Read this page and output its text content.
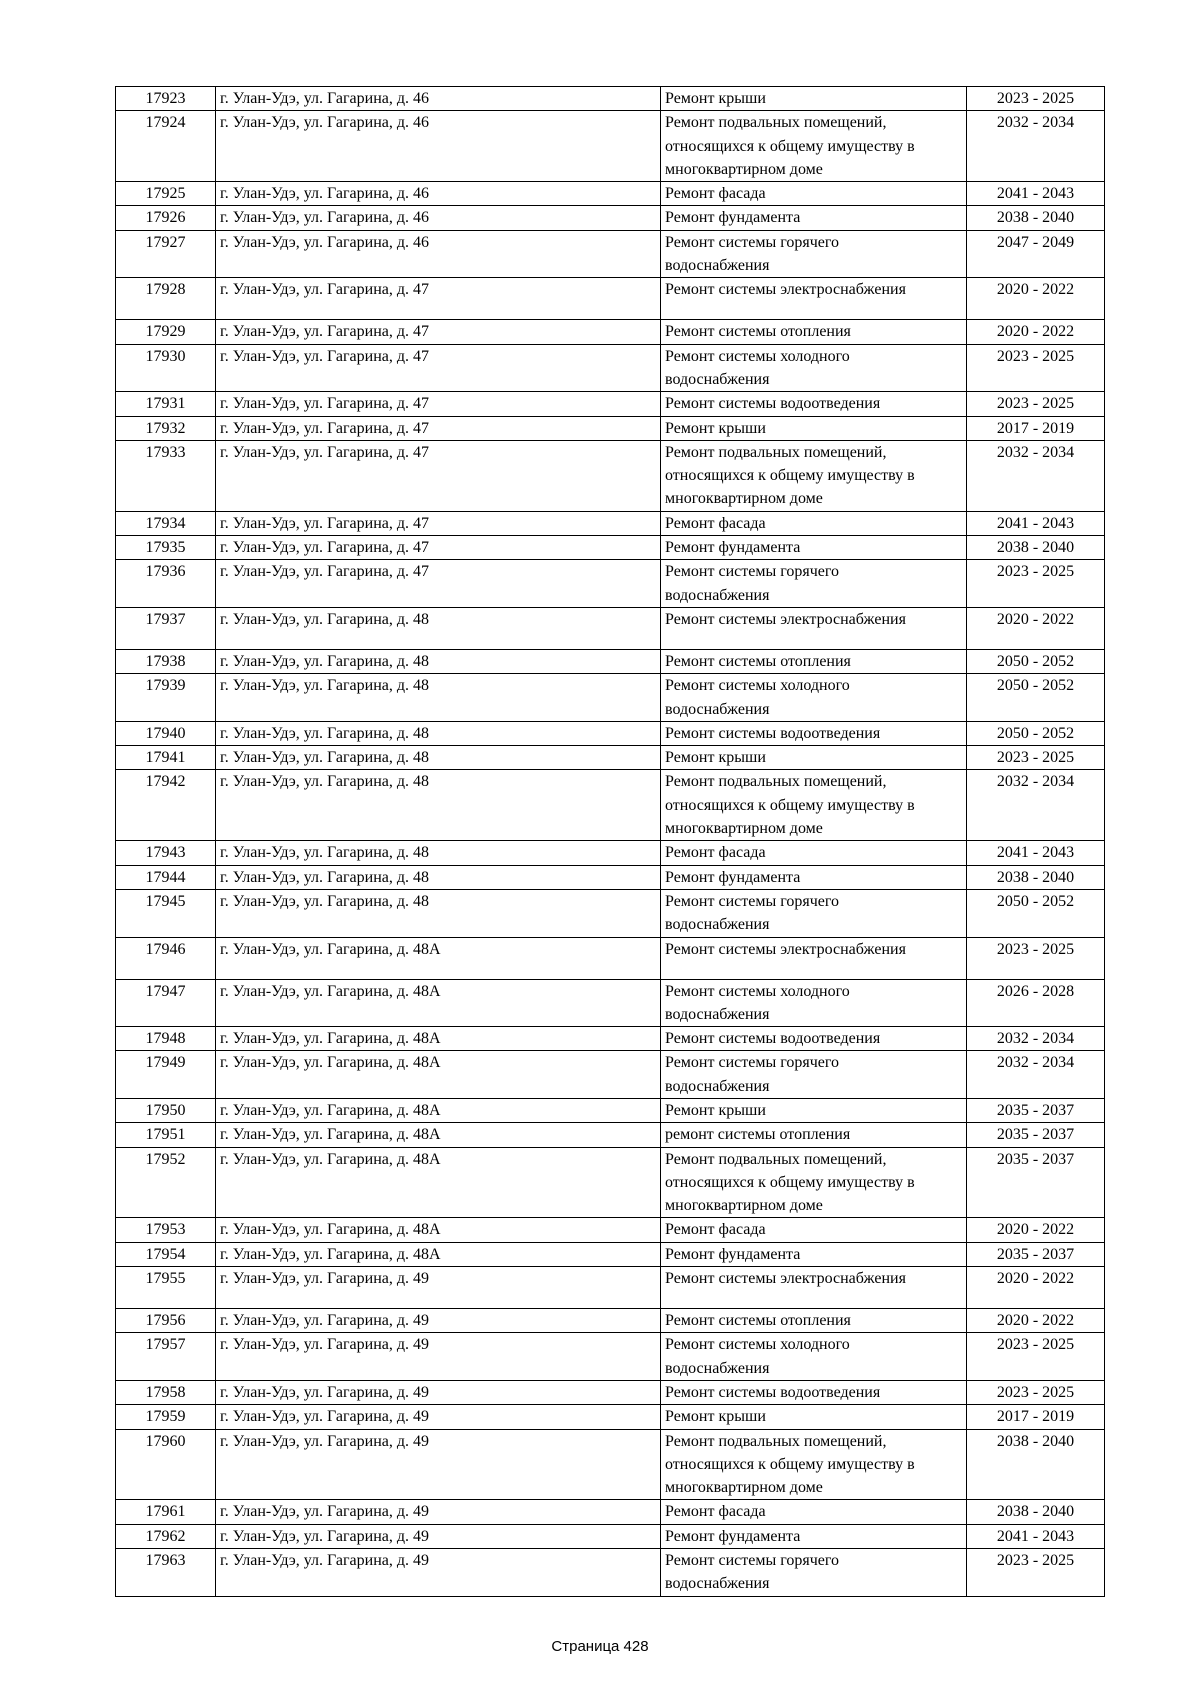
17923	г. Улан-Удэ, ул. Гагарина, д. 46	Ремонт крыши	2023 - 2025
17924	г. Улан-Удэ, ул. Гагарина, д. 46	Ремонт подвальных помещений,
относящихся к общему имуществу в
многоквартирном доме	2032 - 2034
17925	г. Улан-Удэ, ул. Гагарина, д. 46	Ремонт фасада	2041 - 2043
17926	г. Улан-Удэ, ул. Гагарина, д. 46	Ремонт фундамента	2038 - 2040
17927	г. Улан-Удэ, ул. Гагарина, д. 46	Ремонт системы горячего
водоснабжения	2047 - 2049
17928	г. Улан-Удэ, ул. Гагарина, д. 47	Ремонт системы электроснабжения	2020 - 2022
17929	г. Улан-Удэ, ул. Гагарина, д. 47	Ремонт системы отопления	2020 - 2022
17930	г. Улан-Удэ, ул. Гагарина, д. 47	Ремонт системы холодного
водоснабжения	2023 - 2025
17931	г. Улан-Удэ, ул. Гагарина, д. 47	Ремонт системы водоотведения	2023 - 2025
17932	г. Улан-Удэ, ул. Гагарина, д. 47	Ремонт крыши	2017 - 2019
17933	г. Улан-Удэ, ул. Гагарина, д. 47	Ремонт подвальных помещений,
относящихся к общему имуществу в
многоквартирном доме	2032 - 2034
17934	г. Улан-Удэ, ул. Гагарина, д. 47	Ремонт фасада	2041 - 2043
17935	г. Улан-Удэ, ул. Гагарина, д. 47	Ремонт фундамента	2038 - 2040
17936	г. Улан-Удэ, ул. Гагарина, д. 47	Ремонт системы горячего
водоснабжения	2023 - 2025
17937	г. Улан-Удэ, ул. Гагарина, д. 48	Ремонт системы электроснабжения	2020 - 2022
17938	г. Улан-Удэ, ул. Гагарина, д. 48	Ремонт системы отопления	2050 - 2052
17939	г. Улан-Удэ, ул. Гагарина, д. 48	Ремонт системы холодного
водоснабжения	2050 - 2052
17940	г. Улан-Удэ, ул. Гагарина, д. 48	Ремонт системы водоотведения	2050 - 2052
17941	г. Улан-Удэ, ул. Гагарина, д. 48	Ремонт крыши	2023 - 2025
17942	г. Улан-Удэ, ул. Гагарина, д. 48	Ремонт подвальных помещений,
относящихся к общему имуществу в
многоквартирном доме	2032 - 2034
17943	г. Улан-Удэ, ул. Гагарина, д. 48	Ремонт фасада	2041 - 2043
17944	г. Улан-Удэ, ул. Гагарина, д. 48	Ремонт фундамента	2038 - 2040
17945	г. Улан-Удэ, ул. Гагарина, д. 48	Ремонт системы горячего
водоснабжения	2050 - 2052
17946	г. Улан-Удэ, ул. Гагарина, д. 48А	Ремонт системы электроснабжения	2023 - 2025
17947	г. Улан-Удэ, ул. Гагарина, д. 48А	Ремонт системы холодного
водоснабжения	2026 - 2028
17948	г. Улан-Удэ, ул. Гагарина, д. 48А	Ремонт системы водоотведения	2032 - 2034
17949	г. Улан-Удэ, ул. Гагарина, д. 48А	Ремонт системы горячего
водоснабжения	2032 - 2034
17950	г. Улан-Удэ, ул. Гагарина, д. 48А	Ремонт крыши	2035 - 2037
17951	г. Улан-Удэ, ул. Гагарина, д. 48А	ремонт системы отопления	2035 - 2037
17952	г. Улан-Удэ, ул. Гагарина, д. 48А	Ремонт подвальных помещений,
относящихся к общему имуществу в
многоквартирном доме	2035 - 2037
17953	г. Улан-Удэ, ул. Гагарина, д. 48А	Ремонт фасада	2020 - 2022
17954	г. Улан-Удэ, ул. Гагарина, д. 48А	Ремонт фундамента	2035 - 2037
17955	г. Улан-Удэ, ул. Гагарина, д. 49	Ремонт системы электроснабжения	2020 - 2022
17956	г. Улан-Удэ, ул. Гагарина, д. 49	Ремонт системы отопления	2020 - 2022
17957	г. Улан-Удэ, ул. Гагарина, д. 49	Ремонт системы холодного
водоснабжения	2023 - 2025
17958	г. Улан-Удэ, ул. Гагарина, д. 49	Ремонт системы водоотведения	2023 - 2025
17959	г. Улан-Удэ, ул. Гагарина, д. 49	Ремонт крыши	2017 - 2019
17960	г. Улан-Удэ, ул. Гагарина, д. 49	Ремонт подвальных помещений,
относящихся к общему имуществу в
многоквартирном доме	2038 - 2040
17961	г. Улан-Удэ, ул. Гагарина, д. 49	Ремонт фасада	2038 - 2040
17962	г. Улан-Удэ, ул. Гагарина, д. 49	Ремонт фундамента	2041 - 2043
17963	г. Улан-Удэ, ул. Гагарина, д. 49	Ремонт системы горячего
водоснабжения	2023 - 2025
Страница 428
